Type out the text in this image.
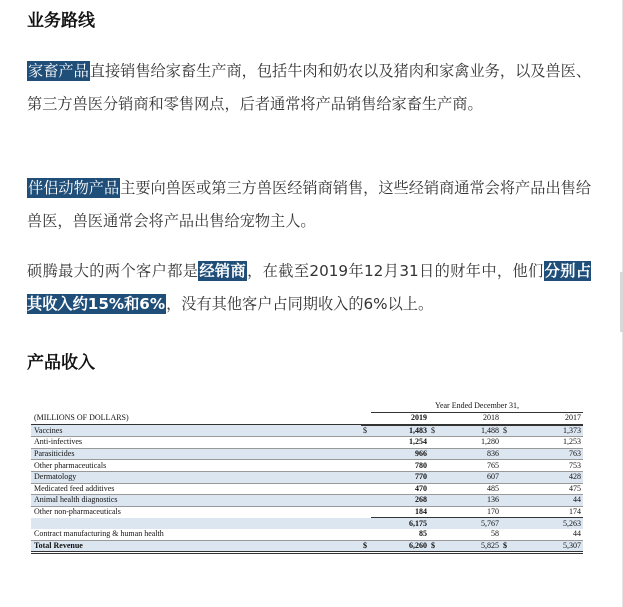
业务路线

家畜产品直接销售给家畜生产商，包括牛肉和奶农以及猪肉和家禽业务，以及兽医、第三方兽医分销商和零售网点，后者通常将产品销售给家畜生产商。

伴侣动物产品主要向兽医或第三方兽医经销商销售，这些经销商通常会将产品出售给兽医，兽医通常会将产品出售给宠物主人。

硕腾最大的两个客户都是经销商，在截至2019年12月31日的财年中，他们分别占其收入约15%和6%，没有其他客户占同期收入的6%以上。

产品收入
		Year Ended December 31,				
(MILLIONS OF DOLLARS)		2019		2018		2017
Vaccines	$	1,483	$	1,488	$	1,373
Anti-infectives		1,254		1,280		1,253
Parasiticides		966		836		763
Other pharmaceuticals		780		765		753
Dermatology		770		607		428
Medicated feed additives		470		485		475
Animal health diagnostics		268		136		44
Other non-pharmaceuticals		184		170		174
		6,175		5,767		5,263
Contract manufacturing & human health		85		58		44
Total Revenue	$	6,260	$	5,825	$	5,307
